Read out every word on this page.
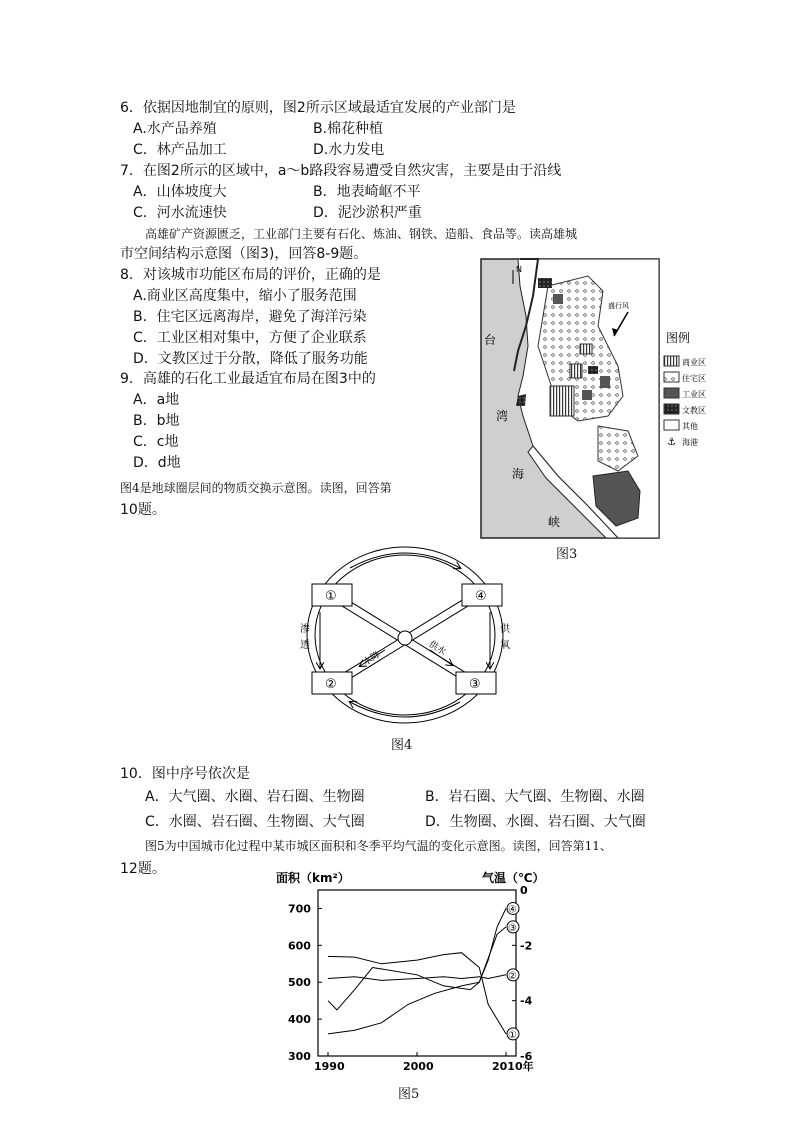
6．依据因地制宜的原则，图2所示区域最适宜发展的产业部门是
A.水产品养殖	B.棉花种植
C．林产品加工	D.水力发电
7．在图2所示的区域中，a～b路段容易遭受自然灾害，主要是由于沿线
A．山体坡度大	B．地表崎岖不平
C．河水流速快	D．泥沙淤积严重
高雄矿产资源匮乏，工业部门主要有石化、炼油、钢铁、造船、食品等。读高雄城
市空间结构示意图（图3)，回答8-9题。
8．对该城市功能区布局的评价，正确的是
A.商业区高度集中，缩小了服务范围
B．住宅区远离海岸，避免了海洋污染
C．工业区相对集中，方便了企业联系
D．文教区过于分散，降低了服务功能
9．高雄的石化工业最适宜布局在图3中的
A．a地
B．b地
C．c地
D．d地
图4是地球圈层间的物质交换示意图。读图，回答第
10题。
N
盛行风
台
湾
海
峡
图例
商业区
住宅区
工业区
文教区
其他
⚓ 海港
图3
水降
供水
渗
透
供
氧
①	④
②	③
图4
10．图中序号依次是
A．大气圈、水圈、岩石圈、生物圈	B．岩石圈、大气圈、生物圈、水圈
C．水圈、岩石圈、生物圈、大气圈	D．生物圈、水圈、岩石圈、大气圈
图5为中国城市化过程中某市城区面积和冬季平均气温的变化示意图。读图，回答第11、
12题。
面积（km²）	气温（℃）
700
600
500
400
300
0
-2
-4
-6
1990	2000	2010年
①
②
③
④
图5
